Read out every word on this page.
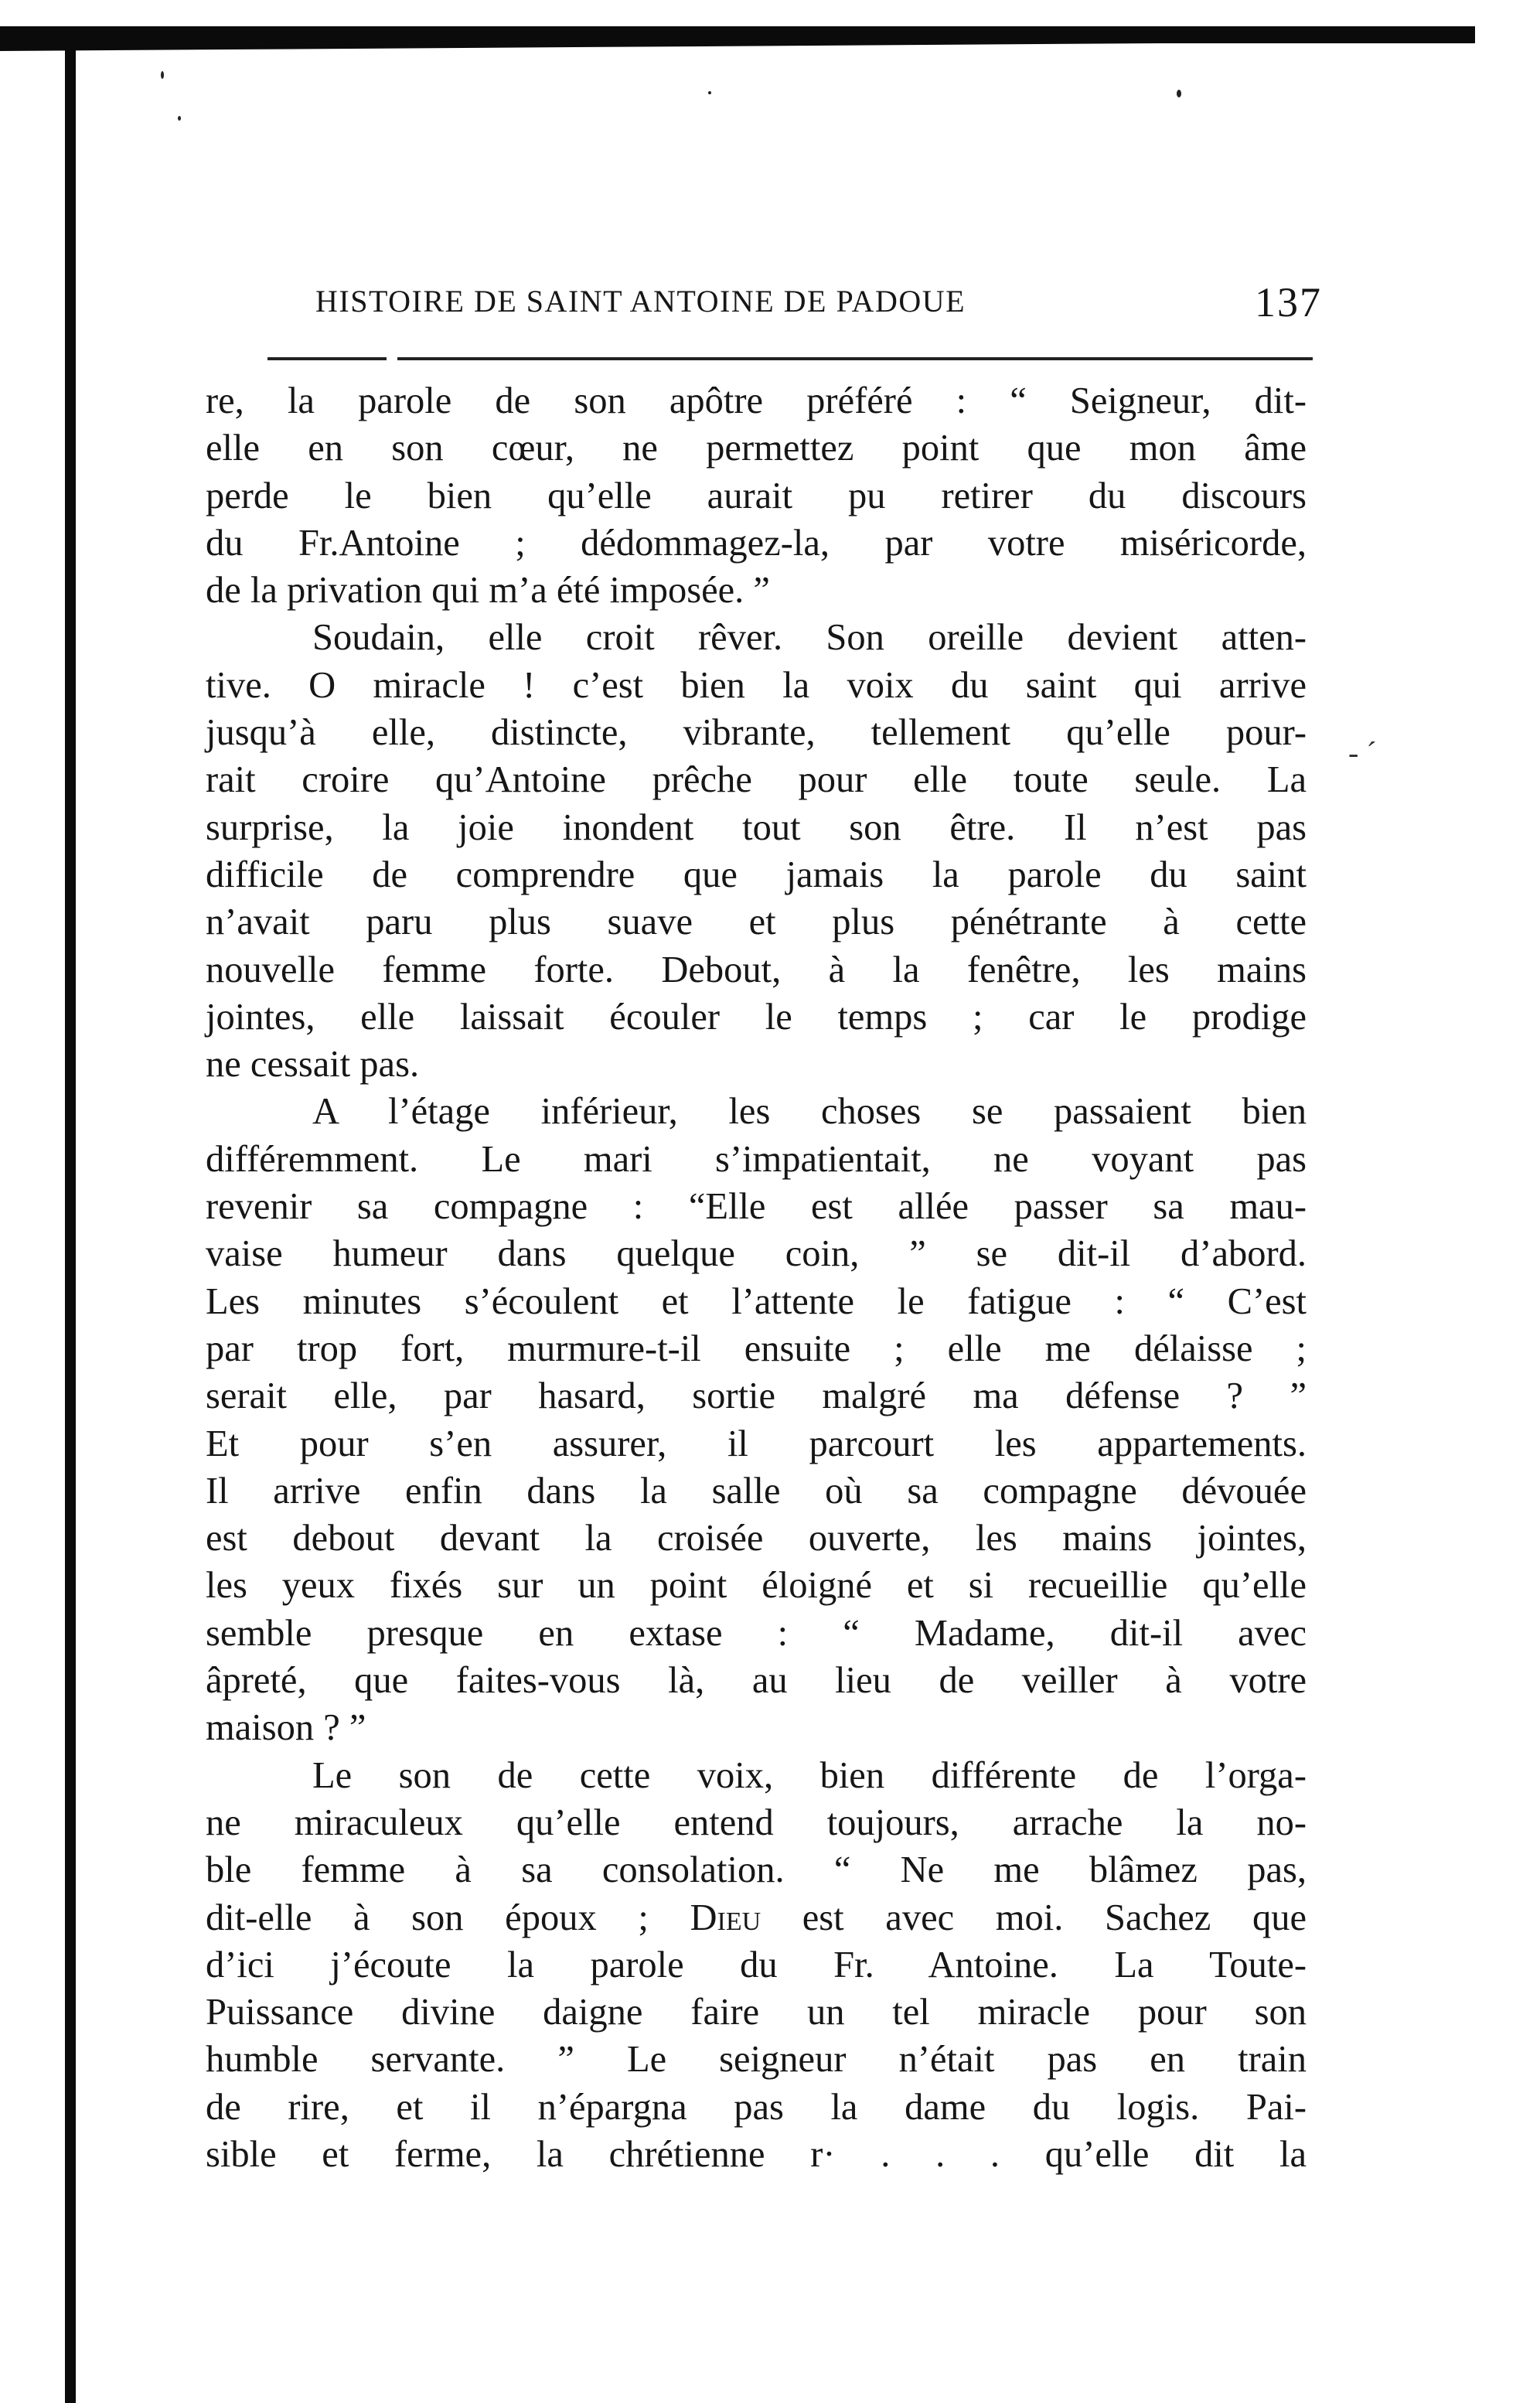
- ´
HISTOIRE DE SAINT ANTOINE DE PADOUE	137
re, la parole de son apôtre préféré : “ Seigneur, dit-
elle en son cœur, ne permettez point que mon âme
perde le bien qu’elle aurait pu retirer du discours
du Fr.Antoine ; dédommagez-la, par votre miséricorde,
de la privation qui m’a été imposée. ”
Soudain, elle croit rêver. Son oreille devient atten-
tive. O miracle ! c’est bien la voix du saint qui arrive
jusqu’à elle, distincte, vibrante, tellement qu’elle pour-
rait croire qu’Antoine prêche pour elle toute seule. La
surprise, la joie inondent tout son être. Il n’est pas
difficile de comprendre que jamais la parole du saint
n’avait paru plus suave et plus pénétrante à cette
nouvelle femme forte. Debout, à la fenêtre, les mains
jointes, elle laissait écouler le temps ; car le prodige
ne cessait pas.
A l’étage inférieur, les choses se passaient bien
différemment. Le mari s’impatientait, ne voyant pas
revenir sa compagne : “Elle est allée passer sa mau-
vaise humeur dans quelque coin, ” se dit-il d’abord.
Les minutes s’écoulent et l’attente le fatigue : “ C’est
par trop fort, murmure-t-il ensuite ; elle me délaisse ;
serait elle, par hasard, sortie malgré ma défense ? ”
Et pour s’en assurer, il parcourt les appartements.
Il arrive enfin dans la salle où sa compagne dévouée
est debout devant la croisée ouverte, les mains jointes,
les yeux fixés sur un point éloigné et si recueillie qu’elle
semble presque en extase : “ Madame, dit-il avec
âpreté, que faites-vous là, au lieu de veiller à votre
maison ? ”
Le son de cette voix, bien différente de l’orga-
ne miraculeux qu’elle entend toujours, arrache la no-
ble femme à sa consolation. “ Ne me blâmez pas,
dit-elle à son époux ; Dieu est avec moi. Sachez que
d’ici j’écoute la parole du Fr. Antoine. La Toute-
Puissance divine daigne faire un tel miracle pour son
humble servante. ” Le seigneur n’était pas en train
de rire, et il n’épargna pas la dame du logis. Pai-
sible et ferme, la chrétienne r· . . . qu’elle dit la
